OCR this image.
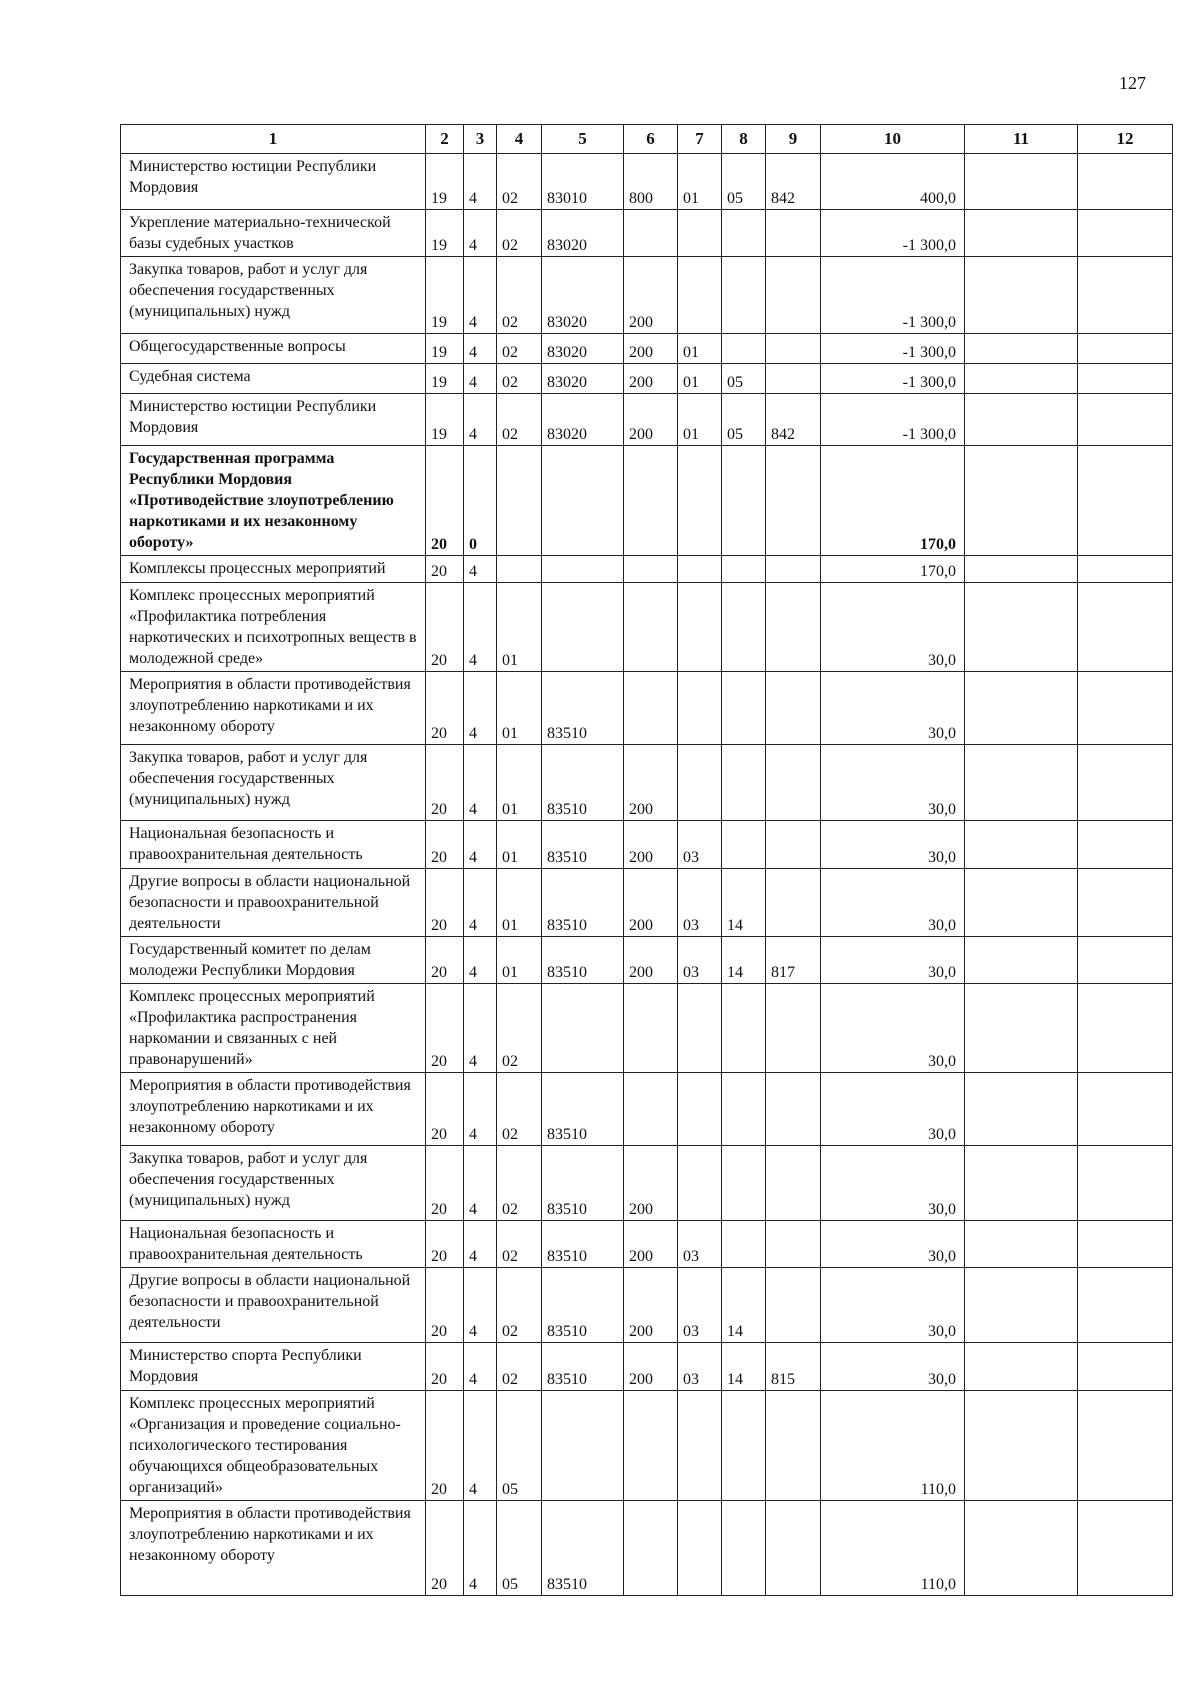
127
1	2	3	4	5	6	7	8	9	10	11	12
Министерство юстиции Республики Мордовия	19	4	02	83010	800	01	05	842	400,0		
Укрепление материально-технической базы судебных участков	19	4	02	83020					-1 300,0		
Закупка товаров, работ и услуг для обеспечения государственных (муниципальных) нужд	19	4	02	83020	200				-1 300,0		
Общегосударственные вопросы	19	4	02	83020	200	01			-1 300,0		
Судебная система	19	4	02	83020	200	01	05		-1 300,0		
Министерство юстиции Республики Мордовия	19	4	02	83020	200	01	05	842	-1 300,0		
Государственная программа Республики Мордовия «Противодействие злоупотреблению наркотиками и их незаконному обороту»	20	0							170,0		
Комплексы процессных мероприятий	20	4							170,0		
Комплекс процессных мероприятий «Профилактика потребления наркотических и психотропных веществ в молодежной среде»	20	4	01						30,0		
Мероприятия в области противодействия злоупотреблению наркотиками и их незаконному обороту	20	4	01	83510					30,0		
Закупка товаров, работ и услуг для обеспечения государственных (муниципальных) нужд	20	4	01	83510	200				30,0		
Национальная безопасность и правоохранительная деятельность	20	4	01	83510	200	03			30,0		
Другие вопросы в области национальной безопасности и правоохранительной деятельности	20	4	01	83510	200	03	14		30,0		
Государственный комитет по делам молодежи Республики Мордовия	20	4	01	83510	200	03	14	817	30,0		
Комплекс процессных мероприятий «Профилактика распространения наркомании и связанных с ней правонарушений»	20	4	02						30,0		
Мероприятия в области противодействия злоупотреблению наркотиками и их незаконному обороту	20	4	02	83510					30,0		
Закупка товаров, работ и услуг для обеспечения государственных (муниципальных) нужд	20	4	02	83510	200				30,0		
Национальная безопасность и правоохранительная деятельность	20	4	02	83510	200	03			30,0		
Другие вопросы в области национальной безопасности и правоохранительной деятельности	20	4	02	83510	200	03	14		30,0		
Министерство спорта Республики Мордовия	20	4	02	83510	200	03	14	815	30,0		
Комплекс процессных мероприятий «Организация и проведение социально-психологического тестирования обучающихся общеобразовательных организаций»	20	4	05						110,0		
Мероприятия в области противодействия злоупотреблению наркотиками и их незаконному обороту	20	4	05	83510					110,0		
